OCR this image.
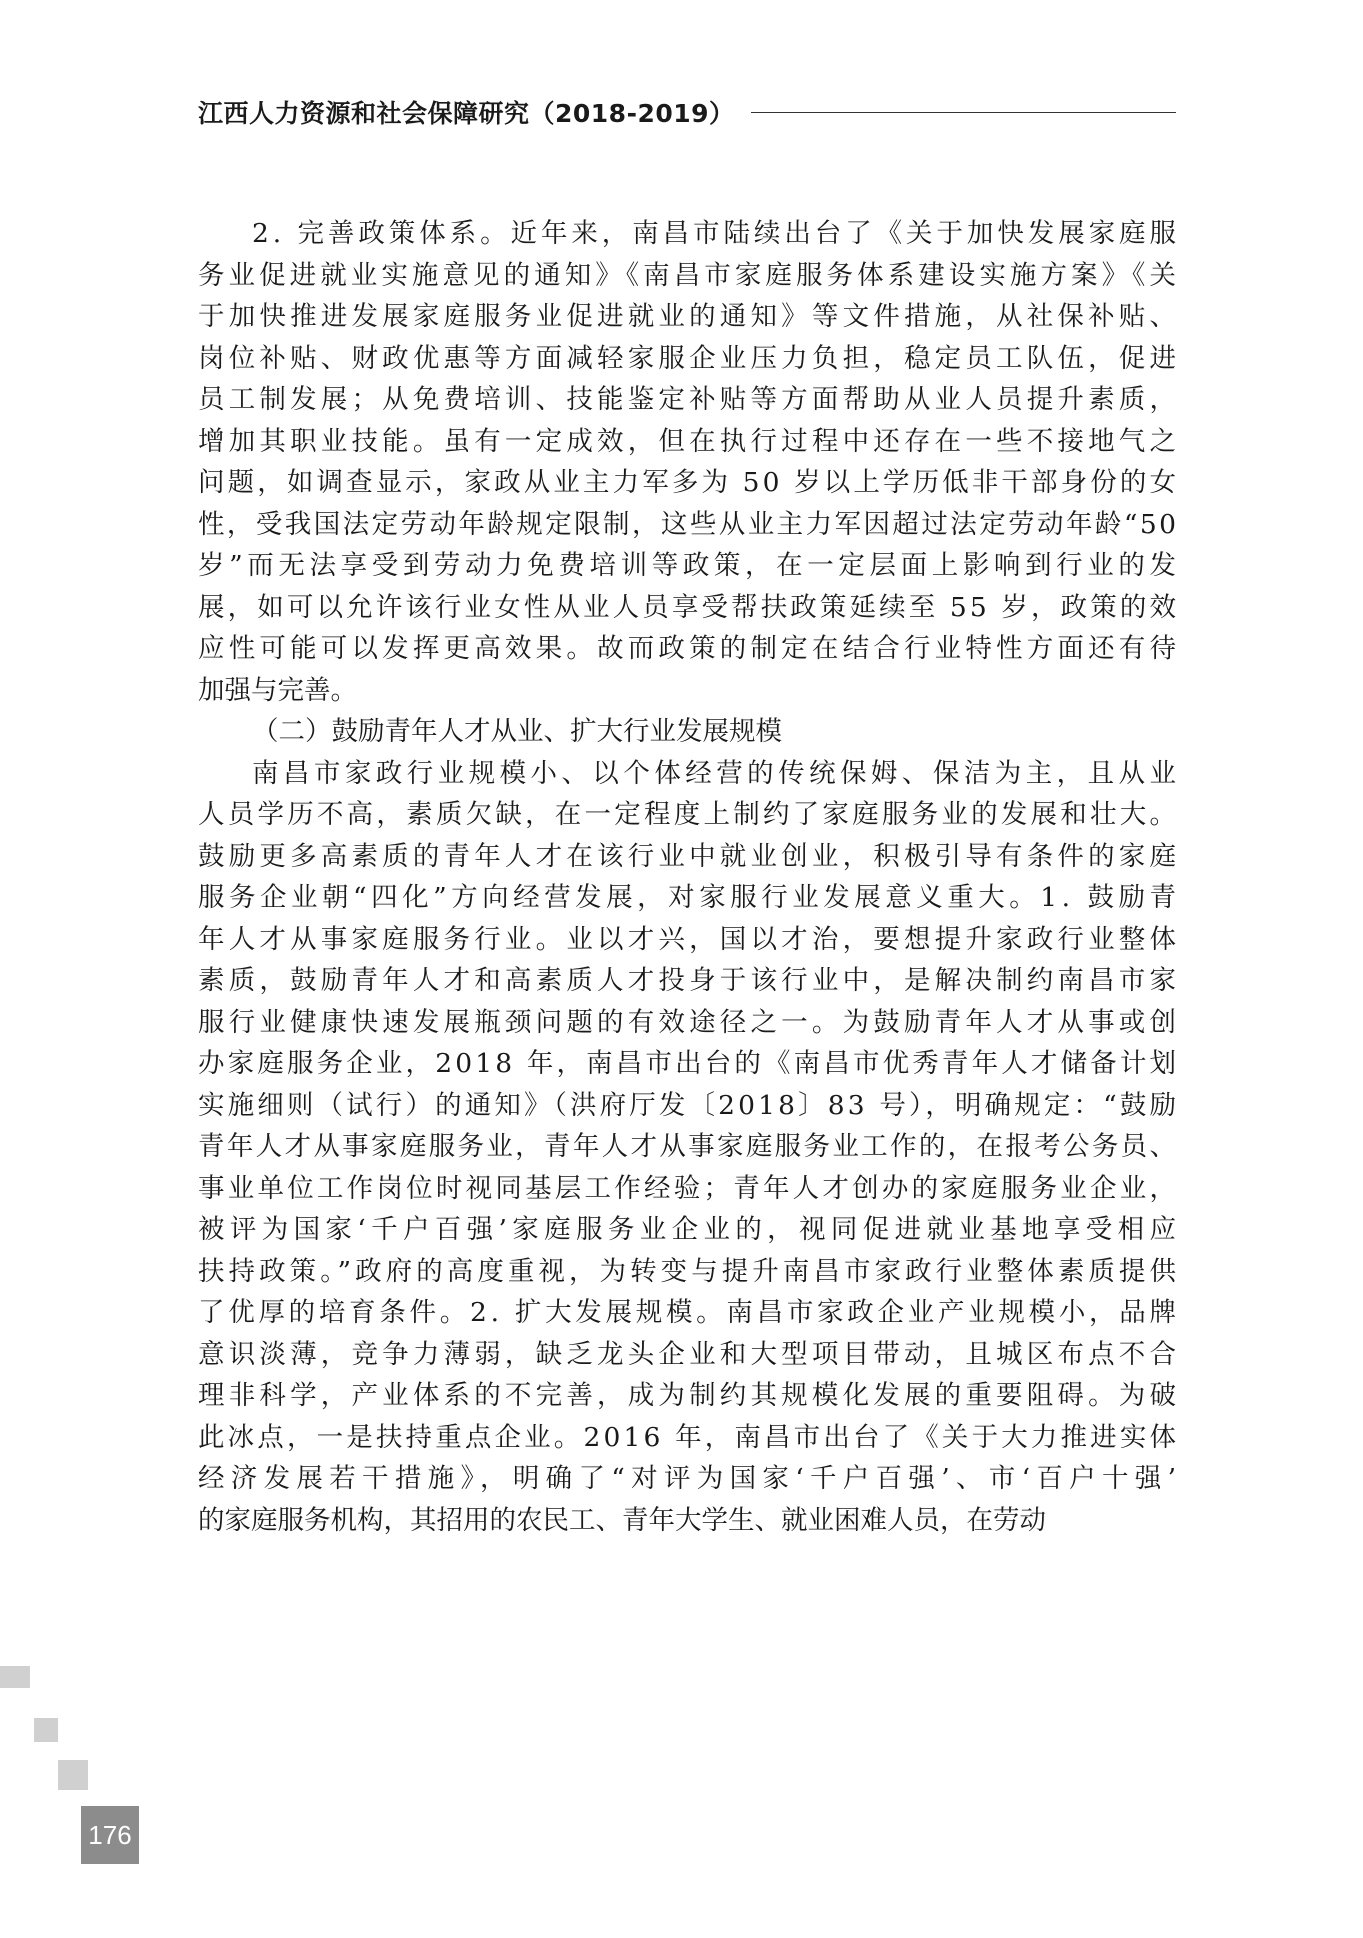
江西人力资源和社会保障研究（2018-2019）
2. 完善政策体系。近年来，南昌市陆续出台了《关于加快发展家庭服
务业促进就业实施意见的通知》《南昌市家庭服务体系建设实施方案》《关
于加快推进发展家庭服务业促进就业的通知》等文件措施，从社保补贴、
岗位补贴、财政优惠等方面减轻家服企业压力负担，稳定员工队伍，促进
员工制发展；从免费培训、技能鉴定补贴等方面帮助从业人员提升素质，
增加其职业技能。虽有一定成效，但在执行过程中还存在一些不接地气之
问题，如调查显示，家政从业主力军多为 50 岁以上学历低非干部身份的女
性，受我国法定劳动年龄规定限制，这些从业主力军因超过法定劳动年龄“50
岁”而无法享受到劳动力免费培训等政策，在一定层面上影响到行业的发
展，如可以允许该行业女性从业人员享受帮扶政策延续至 55 岁，政策的效
应性可能可以发挥更高效果。故而政策的制定在结合行业特性方面还有待
加强与完善。
（二）鼓励青年人才从业、扩大行业发展规模
南昌市家政行业规模小、以个体经营的传统保姆、保洁为主，且从业
人员学历不高，素质欠缺，在一定程度上制约了家庭服务业的发展和壮大。
鼓励更多高素质的青年人才在该行业中就业创业，积极引导有条件的家庭
服务企业朝“四化”方向经营发展，对家服行业发展意义重大。1. 鼓励青
年人才从事家庭服务行业。业以才兴，国以才治，要想提升家政行业整体
素质，鼓励青年人才和高素质人才投身于该行业中，是解决制约南昌市家
服行业健康快速发展瓶颈问题的有效途径之一。为鼓励青年人才从事或创
办家庭服务企业，2018 年，南昌市出台的《南昌市优秀青年人才储备计划
实施细则（试行）的通知》（洪府厅发〔2018〕83 号），明确规定：“鼓励
青年人才从事家庭服务业，青年人才从事家庭服务业工作的，在报考公务员、
事业单位工作岗位时视同基层工作经验；青年人才创办的家庭服务业企业，
被评为国家‘千户百强’家庭服务业企业的，视同促进就业基地享受相应
扶持政策。”政府的高度重视，为转变与提升南昌市家政行业整体素质提供
了优厚的培育条件。2. 扩大发展规模。南昌市家政企业产业规模小，品牌
意识淡薄，竞争力薄弱，缺乏龙头企业和大型项目带动，且城区布点不合
理非科学，产业体系的不完善，成为制约其规模化发展的重要阻碍。为破
此冰点，一是扶持重点企业。2016 年，南昌市出台了《关于大力推进实体
经济发展若干措施》，明确了“对评为国家‘千户百强’、市‘百户十强’
的家庭服务机构，其招用的农民工、青年大学生、就业困难人员，在劳动
176
